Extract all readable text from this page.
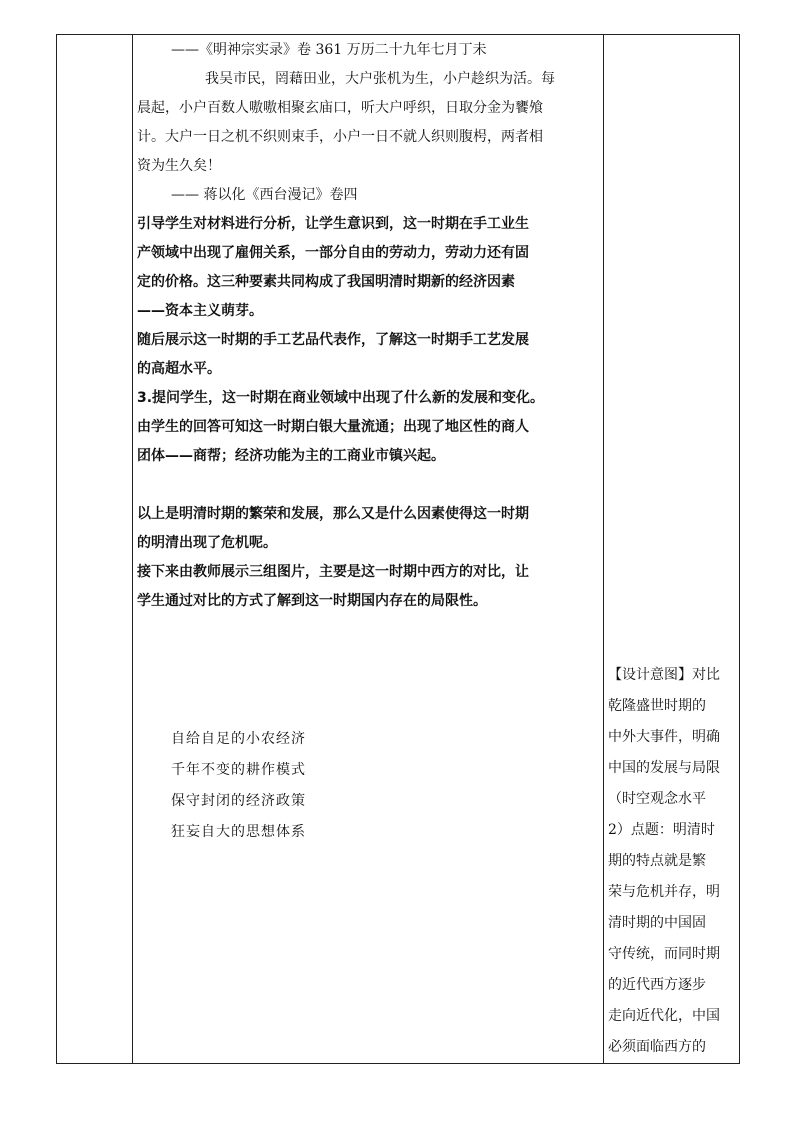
——《明神宗实录》卷 361 万历二十九年七月丁未
我吴市民，罔藉田业，大户张机为生，小户趁织为活。每
晨起，小户百数人嗷嗷相聚玄庙口，听大户呼织，日取分金为饔飧
计。大户一日之机不织则束手，小户一日不就人织则腹枵，两者相
资为生久矣！
—— 蒋以化《西台漫记》卷四
引导学生对材料进行分析，让学生意识到，这一时期在手工业生
产领域中出现了雇佣关系，一部分自由的劳动力，劳动力还有固
定的价格。这三种要素共同构成了我国明清时期新的经济因素
——资本主义萌芽。
随后展示这一时期的手工艺品代表作，了解这一时期手工艺发展
的高超水平。
3.提问学生，这一时期在商业领域中出现了什么新的发展和变化。
由学生的回答可知这一时期白银大量流通；出现了地区性的商人
团体——商帮；经济功能为主的工商业市镇兴起。
以上是明清时期的繁荣和发展，那么又是什么因素使得这一时期
的明清出现了危机呢。
接下来由教师展示三组图片，主要是这一时期中西方的对比，让
学生通过对比的方式了解到这一时期国内存在的局限性。
自给自足的小农经济
千年不变的耕作模式
保守封闭的经济政策
狂妄自大的思想体系
【设计意图】对比
乾隆盛世时期的
中外大事件，明确
中国的发展与局限
（时空观念水平
2）点题：明清时
期的特点就是繁
荣与危机并存，明
清时期的中国固
守传统，而同时期
的近代西方逐步
走向近代化，中国
必须面临西方的
